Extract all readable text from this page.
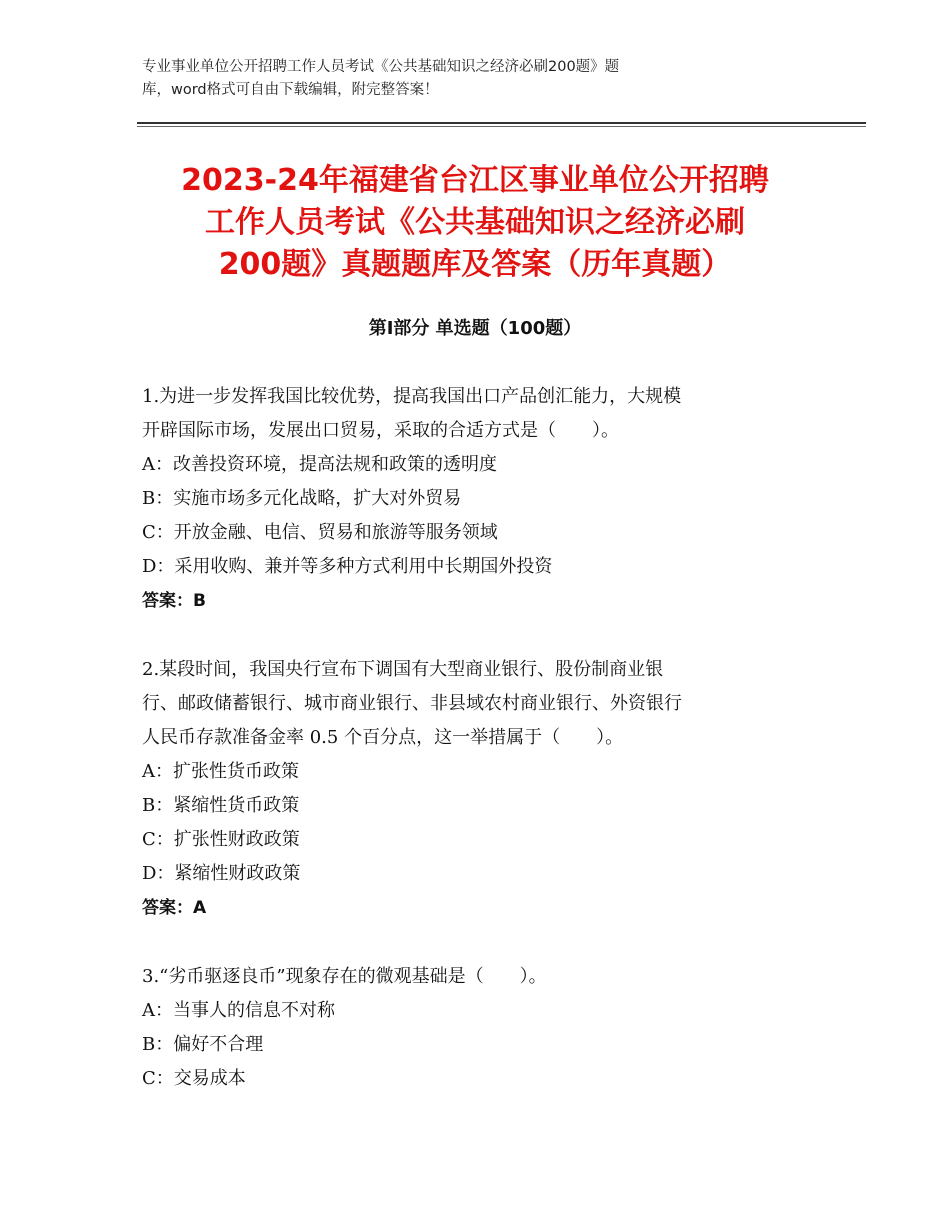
专业事业单位公开招聘工作人员考试《公共基础知识之经济必刷200题》题
库，word格式可自由下载编辑，附完整答案！
2023-24年福建省台江区事业单位公开招聘
工作人员考试《公共基础知识之经济必刷
200题》真题题库及答案（历年真题）
第Ⅰ部分 单选题（100题）
1.为进一步发挥我国比较优势，提高我国出口产品创汇能力，大规模
开辟国际市场，发展出口贸易，采取的合适方式是（　　）。
A：改善投资环境，提高法规和政策的透明度
B：实施市场多元化战略，扩大对外贸易
C：开放金融、电信、贸易和旅游等服务领域
D：采用收购、兼并等多种方式利用中长期国外投资
答案：B
2.某段时间，我国央行宣布下调国有大型商业银行、股份制商业银
行、邮政储蓄银行、城市商业银行、非县域农村商业银行、外资银行
人民币存款准备金率 0.5 个百分点，这一举措属于（　　）。
A：扩张性货币政策
B：紧缩性货币政策
C：扩张性财政政策
D：紧缩性财政政策
答案：A
3.“劣币驱逐良币”现象存在的微观基础是（　　）。
A：当事人的信息不对称
B：偏好不合理
C：交易成本
